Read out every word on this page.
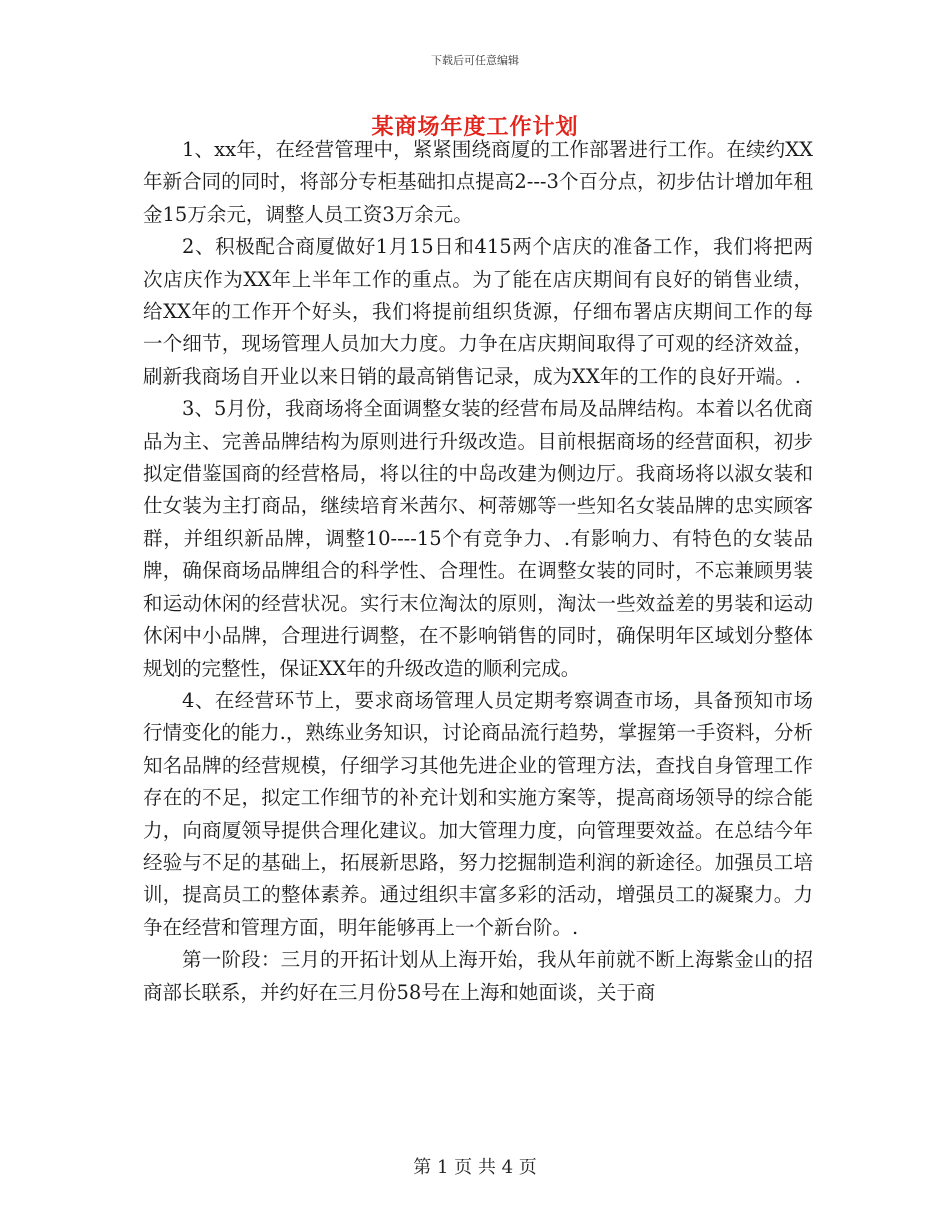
下载后可任意编辑
某商场年度工作计划

1、xx年，在经营管理中，紧紧围绕商厦的工作部署进行工作。在续约XX年新合同的同时，将部分专柜基础扣点提高2---3个百分点，初步估计增加年租金15万余元，调整人员工资3万余元。

2、积极配合商厦做好1月15日和415两个店庆的准备工作，我们将把两次店庆作为XX年上半年工作的重点。为了能在店庆期间有良好的销售业绩，给XX年的工作开个好头，我们将提前组织货源，仔细布署店庆期间工作的每一个细节，现场管理人员加大力度。力争在店庆期间取得了可观的经济效益，刷新我商场自开业以来日销的最高销售记录，成为XX年的工作的良好开端。.

3、5月份，我商场将全面调整女装的经营布局及品牌结构。本着以名优商品为主、完善品牌结构为原则进行升级改造。目前根据商场的经营面积，初步拟定借鉴国商的经营格局，将以往的中岛改建为侧边厅。我商场将以淑女装和仕女装为主打商品，继续培育米茜尔、柯蒂娜等一些知名女装品牌的忠实顾客群，并组织新品牌，调整10----15个有竞争力、.有影响力、有特色的女装品牌，确保商场品牌组合的科学性、合理性。在调整女装的同时，不忘兼顾男装和运动休闲的经营状况。实行末位淘汰的原则，淘汰一些效益差的男装和运动休闲中小品牌，合理进行调整，在不影响销售的同时，确保明年区域划分整体规划的完整性，保证XX年的升级改造的顺利完成。

4、在经营环节上，要求商场管理人员定期考察调查市场，具备预知市场行情变化的能力.，熟练业务知识，讨论商品流行趋势，掌握第一手资料，分析知名品牌的经营规模，仔细学习其他先进企业的管理方法，查找自身管理工作存在的不足，拟定工作细节的补充计划和实施方案等，提高商场领导的综合能力，向商厦领导提供合理化建议。加大管理力度，向管理要效益。在总结今年经验与不足的基础上，拓展新思路，努力挖掘制造利润的新途径。加强员工培训，提高员工的整体素养。通过组织丰富多彩的活动，增强员工的凝聚力。力争在经营和管理方面，明年能够再上一个新台阶。.

第一阶段：三月的开拓计划从上海开始，我从年前就不断上海紫金山的招商部长联系，并约好在三月份58号在上海和她面谈，关于商

第 1 页 共 4 页
